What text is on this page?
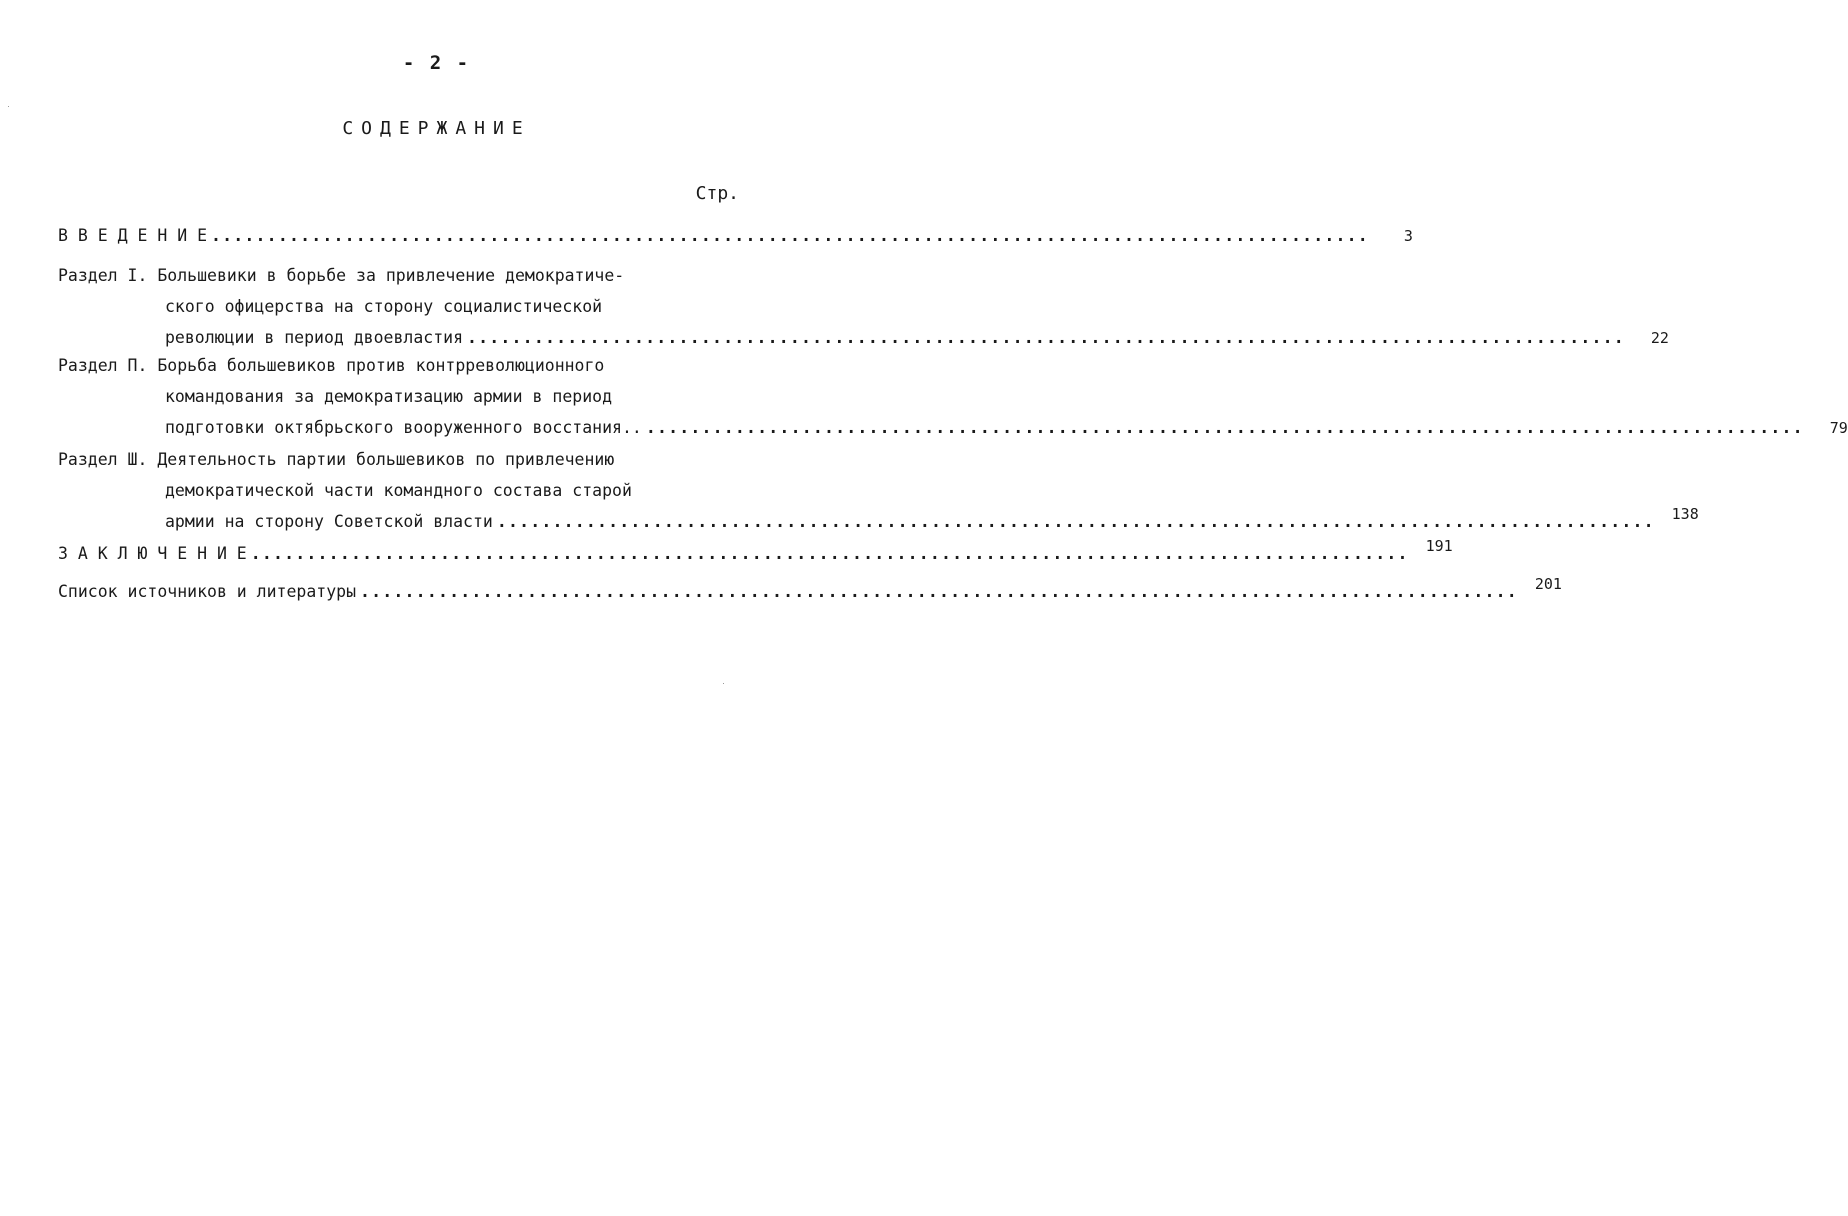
- 2 -
СОДЕРЖАНИЕ
Стр.
В В Е Д Е Н И Е ........................................................................................................	3
Раздел I. Большевики в борьбе за привлечение демократиче-
ского офицерства на сторону социалистической
революции в период двоевластия ........................................................................................................	22
Раздел П. Борьба большевиков против контрреволюционного
командования за демократизацию армии в период
подготовки октябрьского вооруженного восстания.. ........................................................................................................	79
Раздел Ш. Деятельность партии большевиков по привлечению
демократической части командного состава старой
армии на сторону Советской власти ........................................................................................................	138
З А К Л Ю Ч Е Н И Е ........................................................................................................	191
Список источников и литературы ........................................................................................................	201
